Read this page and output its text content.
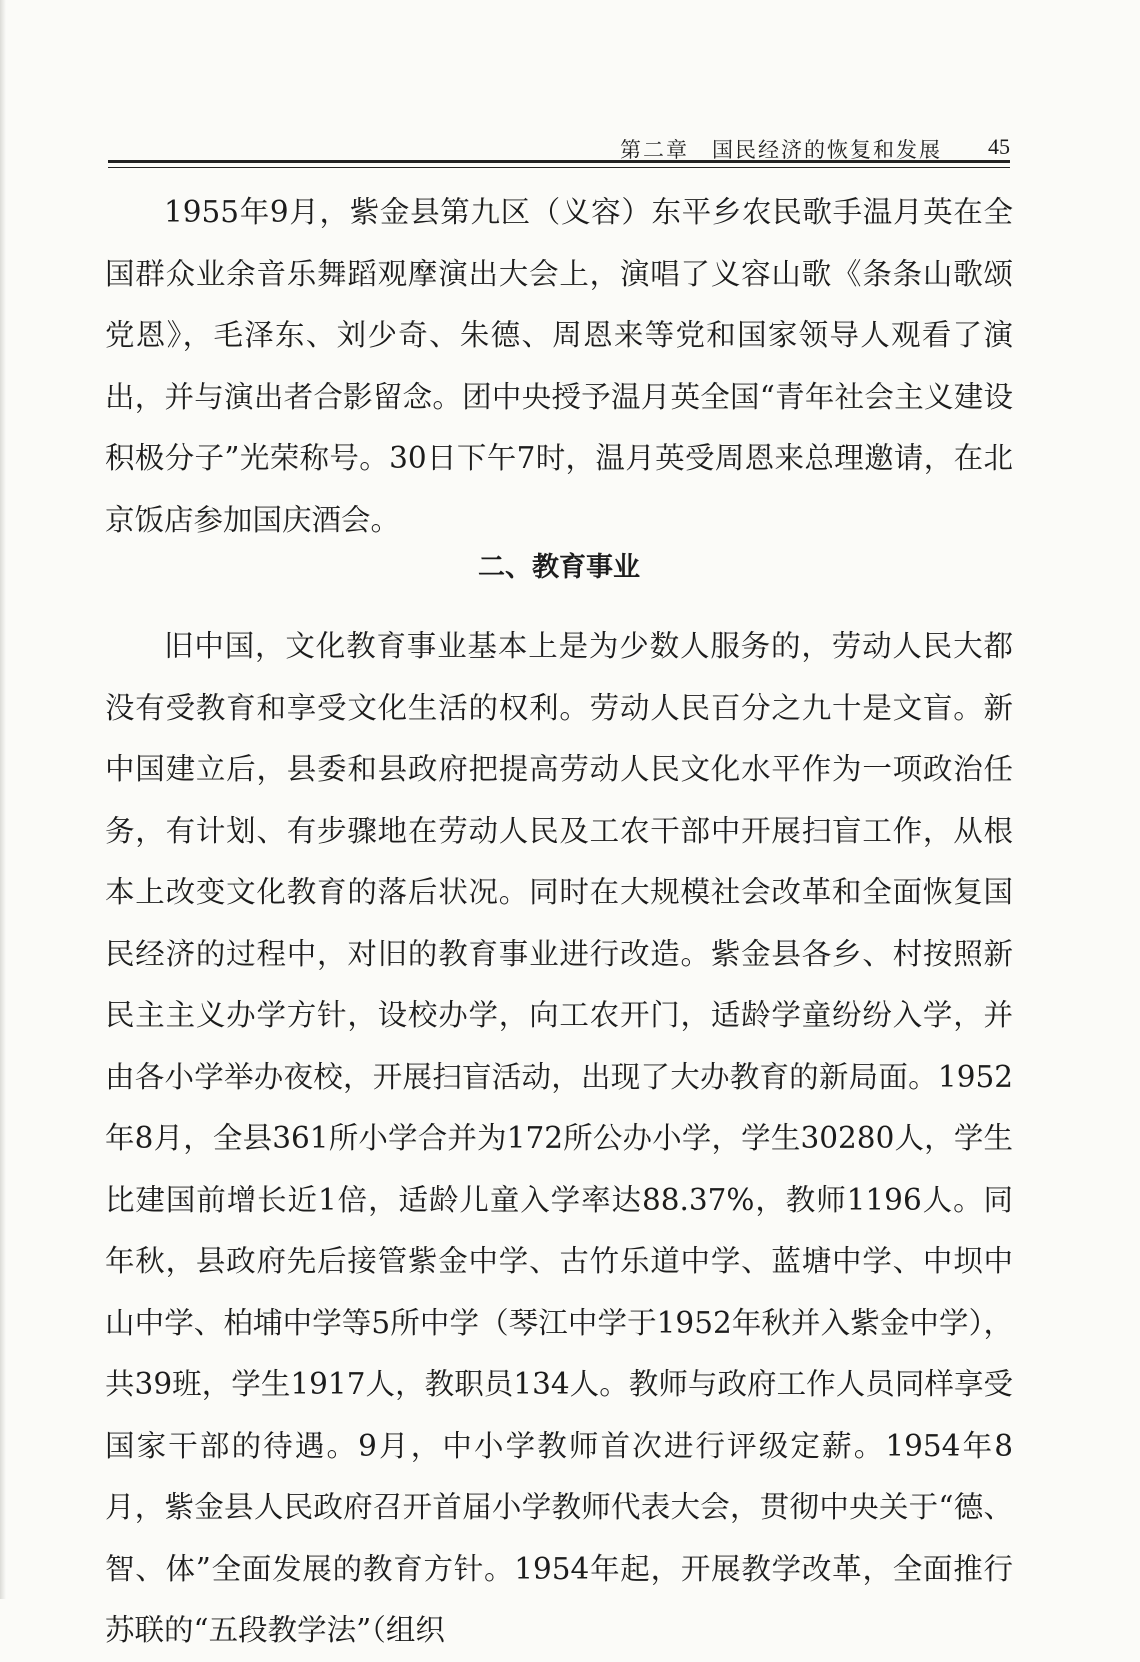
第二章　国民经济的恢复和发展 45

1955年9月，紫金县第九区（义容）东平乡农民歌手温月英在全国群众业余音乐舞蹈观摩演出大会上，演唱了义容山歌《条条山歌颂党恩》，毛泽东、刘少奇、朱德、周恩来等党和国家领导人观看了演出，并与演出者合影留念。团中央授予温月英全国“青年社会主义建设积极分子”光荣称号。30日下午7时，温月英受周恩来总理邀请，在北京饭店参加国庆酒会。

二、教育事业

旧中国，文化教育事业基本上是为少数人服务的，劳动人民大都没有受教育和享受文化生活的权利。劳动人民百分之九十是文盲。新中国建立后，县委和县政府把提高劳动人民文化水平作为一项政治任务，有计划、有步骤地在劳动人民及工农干部中开展扫盲工作，从根本上改变文化教育的落后状况。同时在大规模社会改革和全面恢复国民经济的过程中，对旧的教育事业进行改造。紫金县各乡、村按照新民主主义办学方针，设校办学，向工农开门，适龄学童纷纷入学，并由各小学举办夜校，开展扫盲活动，出现了大办教育的新局面。1952年8月，全县361所小学合并为172所公办小学，学生30280人，学生比建国前增长近1倍，适龄儿童入学率达88.37%，教师1196人。同年秋，县政府先后接管紫金中学、古竹乐道中学、蓝塘中学、中坝中山中学、柏埔中学等5所中学（琴江中学于1952年秋并入紫金中学），共39班，学生1917人，教职员134人。教师与政府工作人员同样享受国家干部的待遇。9月，中小学教师首次进行评级定薪。1954年8月，紫金县人民政府召开首届小学教师代表大会，贯彻中央关于“德、智、体”全面发展的教育方针。1954年起，开展教学改革，全面推行苏联的“五段教学法”（组织
